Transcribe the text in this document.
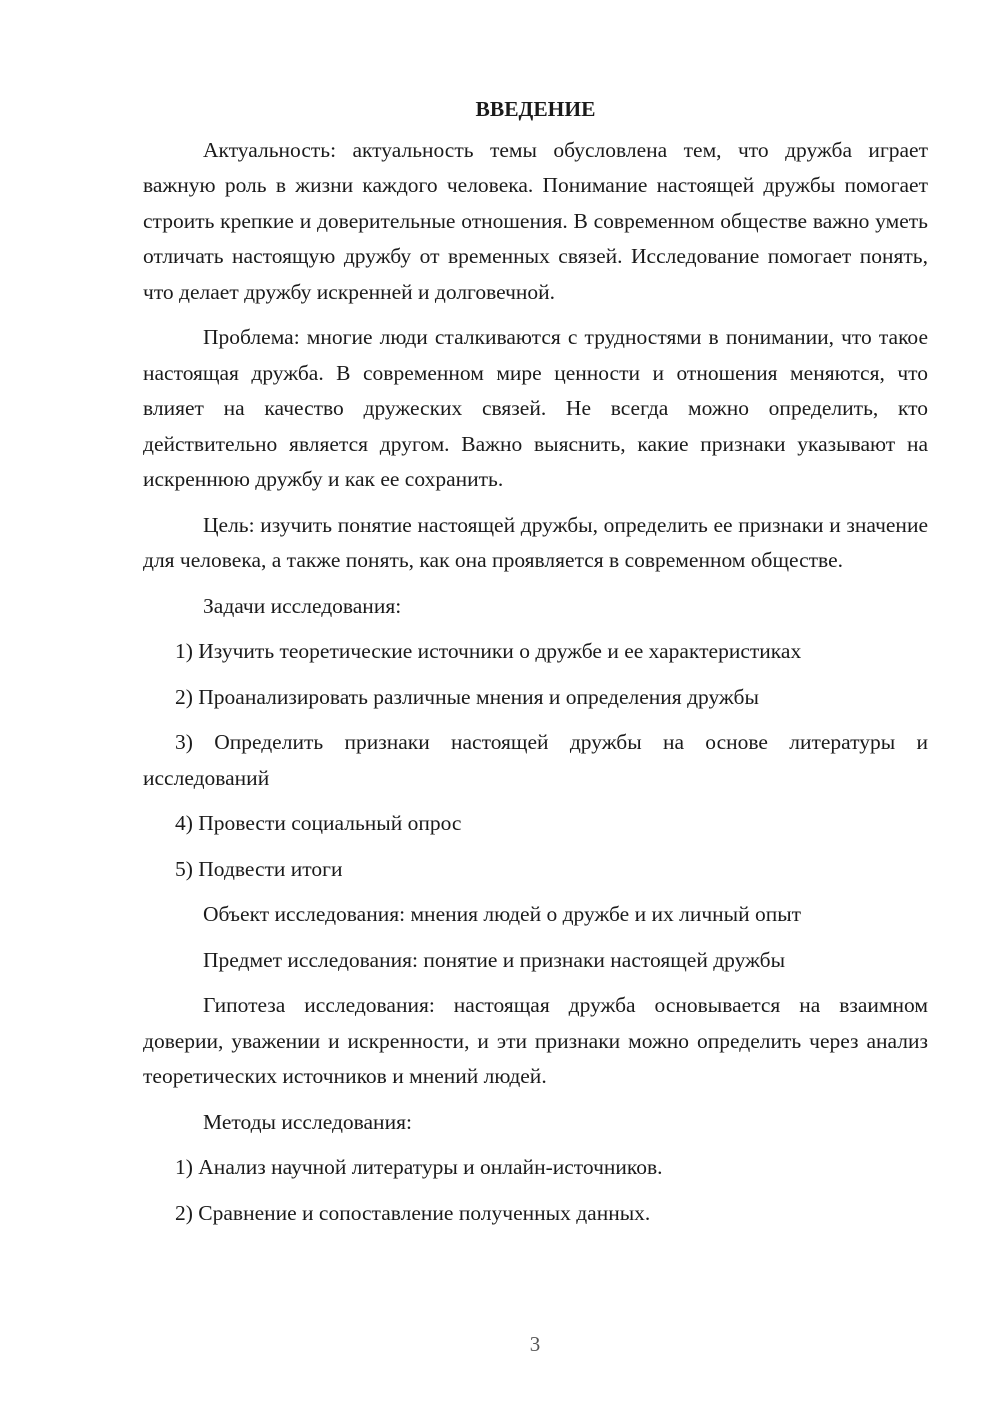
ВВЕДЕНИЕ

Актуальность: актуальность темы обусловлена тем, что дружба играет важную роль в жизни каждого человека. Понимание настоящей дружбы помогает строить крепкие и доверительные отношения. В современном обществе важно уметь отличать настоящую дружбу от временных связей. Исследование помогает понять, что делает дружбу искренней и долговечной.

Проблема: многие люди сталкиваются с трудностями в понимании, что такое настоящая дружба. В современном мире ценности и отношения меняются, что влияет на качество дружеских связей. Не всегда можно определить, кто действительно является другом. Важно выяснить, какие признаки указывают на искреннюю дружбу и как ее сохранить.

Цель: изучить понятие настоящей дружбы, определить ее признаки и значение для человека, а также понять, как она проявляется в современном обществе.

Задачи исследования:

1) Изучить теоретические источники о дружбе и ее характеристиках

2) Проанализировать различные мнения и определения дружбы

3) Определить признаки настоящей дружбы на основе литературы и исследований

4) Провести социальный опрос

5) Подвести итоги

Объект исследования: мнения людей о дружбе и их личный опыт

Предмет исследования: понятие и признаки настоящей дружбы

Гипотеза исследования: настоящая дружба основывается на взаимном доверии, уважении и искренности, и эти признаки можно определить через анализ теоретических источников и мнений людей.

Методы исследования:

1) Анализ научной литературы и онлайн-источников.

2) Сравнение и сопоставление полученных данных.

3
